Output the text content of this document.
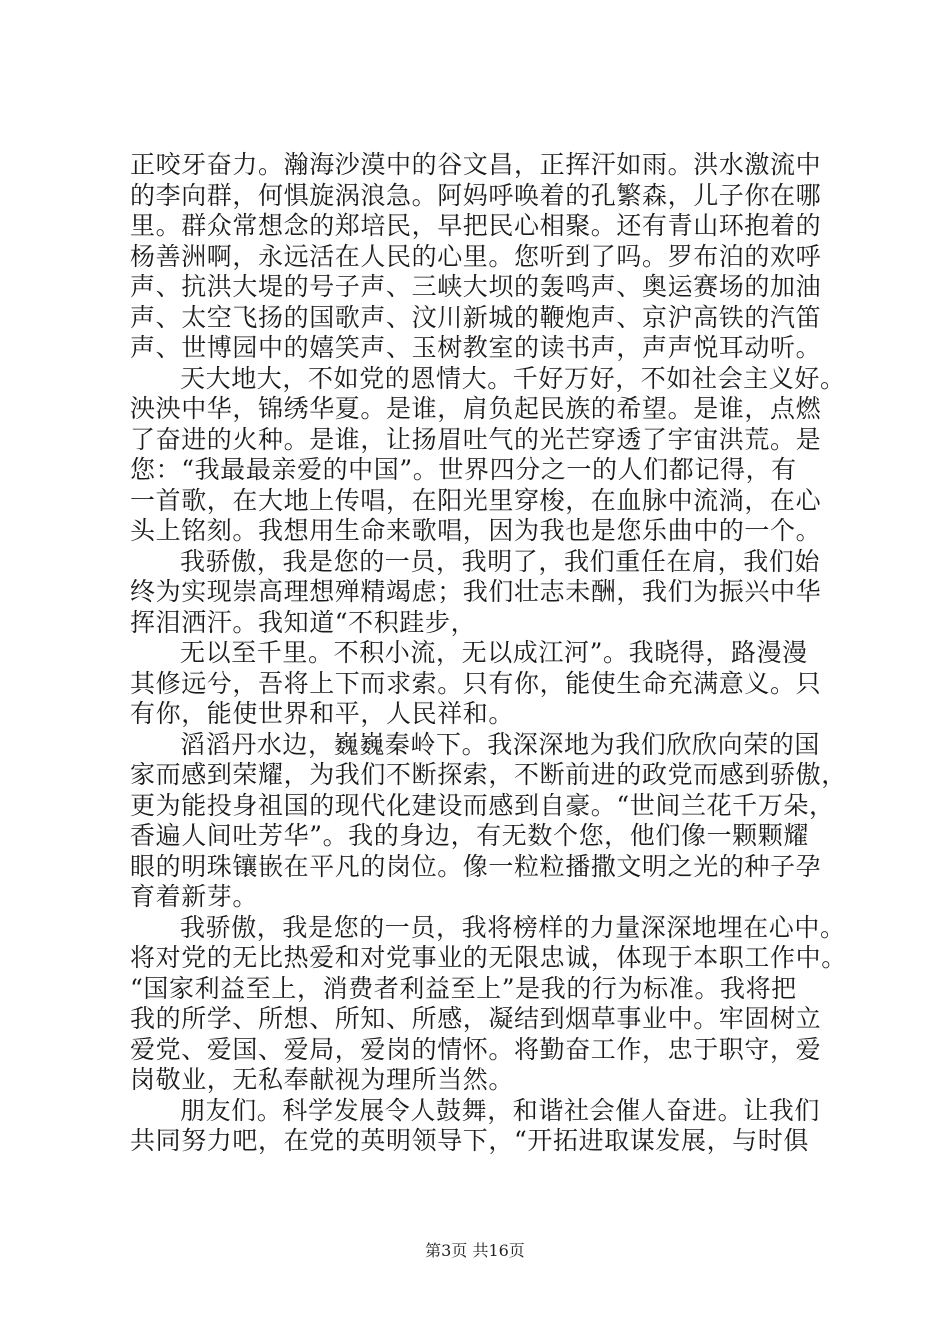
正咬牙奋力。瀚海沙漠中的谷文昌，正挥汗如雨。洪水激流中
的李向群，何惧旋涡浪急。阿妈呼唤着的孔繁森，儿子你在哪
里。群众常想念的郑培民，早把民心相聚。还有青山环抱着的
杨善洲啊，永远活在人民的心里。您听到了吗。罗布泊的欢呼
声、抗洪大堤的号子声、三峡大坝的轰鸣声、奥运赛场的加油
声、太空飞扬的国歌声、汶川新城的鞭炮声、京沪高铁的汽笛
声、世博园中的嬉笑声、玉树教室的读书声，声声悦耳动听。
天大地大，不如党的恩情大。千好万好，不如社会主义好。
泱泱中华，锦绣华夏。是谁，肩负起民族的希望。是谁，点燃
了奋进的火种。是谁，让扬眉吐气的光芒穿透了宇宙洪荒。是
您：“我最最亲爱的中国”。世界四分之一的人们都记得，有
一首歌，在大地上传唱，在阳光里穿梭，在血脉中流淌，在心
头上铭刻。我想用生命来歌唱，因为我也是您乐曲中的一个。
我骄傲，我是您的一员，我明了，我们重任在肩，我们始
终为实现崇高理想殚精竭虑；我们壮志未酬，我们为振兴中华
挥泪洒汗。我知道“不积跬步，
无以至千里。不积小流，无以成江河”。我晓得，路漫漫
其修远兮，吾将上下而求索。只有你，能使生命充满意义。只
有你，能使世界和平，人民祥和。
滔滔丹水边，巍巍秦岭下。我深深地为我们欣欣向荣的国
家而感到荣耀，为我们不断探索，不断前进的政党而感到骄傲，
更为能投身祖国的现代化建设而感到自豪。“世间兰花千万朵，
香遍人间吐芳华”。我的身边，有无数个您，他们像一颗颗耀
眼的明珠镶嵌在平凡的岗位。像一粒粒播撒文明之光的种子孕
育着新芽。
我骄傲，我是您的一员，我将榜样的力量深深地埋在心中。
将对党的无比热爱和对党事业的无限忠诚，体现于本职工作中。
“国家利益至上，消费者利益至上”是我的行为标准。我将把
我的所学、所想、所知、所感，凝结到烟草事业中。牢固树立
爱党、爱国、爱局，爱岗的情怀。将勤奋工作，忠于职守，爱
岗敬业，无私奉献视为理所当然。
朋友们。科学发展令人鼓舞，和谐社会催人奋进。让我们
共同努力吧，在党的英明领导下，“开拓进取谋发展，与时俱
第3页 共16页
